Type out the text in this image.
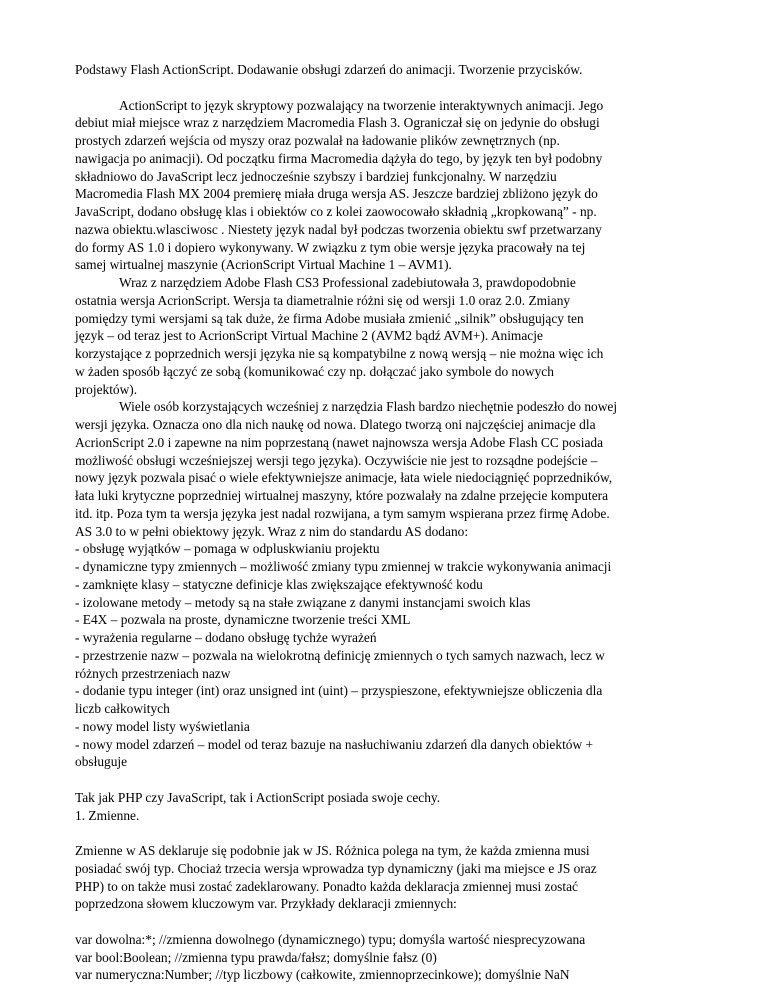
Podstawy Flash ActionScript. Dodawanie obsługi zdarzeń do animacji. Tworzenie przycisków.
ActionScript to język skryptowy pozwalający na tworzenie interaktywnych animacji. Jego
debiut miał miejsce wraz z narzędziem Macromedia Flash 3. Ograniczał się on jedynie do obsługi
prostych zdarzeń wejścia od myszy oraz pozwalał na ładowanie plików zewnętrznych (np.
nawigacja po animacji). Od początku firma Macromedia dążyła do tego, by język ten był podobny
składniowo do JavaScript lecz jednocześnie szybszy i bardziej funkcjonalny. W narzędziu
Macromedia Flash MX 2004 premierę miała druga wersja AS. Jeszcze bardziej zbliżono język do
JavaScript, dodano obsługę klas i obiektów co z kolei zaowocowało składnią „kropkowaną” - np.
nazwa obiektu.wlasciwosc . Niestety język nadal był podczas tworzenia obiektu swf przetwarzany
do formy AS 1.0 i dopiero wykonywany. W związku z tym obie wersje języka pracowały na tej
samej wirtualnej maszynie (AcrionScript Virtual Machine 1 – AVM1).
Wraz z narzędziem Adobe Flash CS3 Professional zadebiutowała 3, prawdopodobnie
ostatnia wersja AcrionScript. Wersja ta diametralnie różni się od wersji 1.0 oraz 2.0. Zmiany
pomiędzy tymi wersjami są tak duże, że firma Adobe musiała zmienić „silnik” obsługujący ten
język – od teraz jest to AcrionScript Virtual Machine 2 (AVM2 bądź AVM+). Animacje
korzystające z poprzednich wersji języka nie są kompatybilne z nową wersją – nie można więc ich
w żaden sposób łączyć ze sobą (komunikować czy np. dołączać jako symbole do nowych
projektów).
Wiele osób korzystających wcześniej z narzędzia Flash bardzo niechętnie podeszło do nowej
wersji języka. Oznacza ono dla nich naukę od nowa. Dlatego tworzą oni najczęściej animacje dla
AcrionScript 2.0 i zapewne na nim poprzestaną (nawet najnowsza wersja Adobe Flash CC posiada
możliwość obsługi wcześniejszej wersji tego języka). Oczywiście nie jest to rozsądne podejście –
nowy język pozwala pisać o wiele efektywniejsze animacje, łata wiele niedociągnięć poprzedników,
łata luki krytyczne poprzedniej wirtualnej maszyny, które pozwalały na zdalne przejęcie komputera
itd. itp. Poza tym ta wersja języka jest nadal rozwijana, a tym samym wspierana przez firmę Adobe.
AS 3.0 to w pełni obiektowy język. Wraz z nim do standardu AS dodano:
- obsługę wyjątków – pomaga w odpluskwianiu projektu
- dynamiczne typy zmiennych – możliwość zmiany typu zmiennej w trakcie wykonywania animacji
- zamknięte klasy – statyczne definicje klas zwiększające efektywność kodu
- izolowane metody – metody są na stałe związane z danymi instancjami swoich klas
- E4X – pozwala na proste, dynamiczne tworzenie treści XML
- wyrażenia regularne – dodano obsługę tychże wyrażeń
- przestrzenie nazw – pozwala na wielokrotną definicję zmiennych o tych samych nazwach, lecz w
różnych przestrzeniach nazw
- dodanie typu integer (int) oraz unsigned int (uint) – przyspieszone, efektywniejsze obliczenia dla
liczb całkowitych
- nowy model listy wyświetlania
- nowy model zdarzeń – model od teraz bazuje na nasłuchiwaniu zdarzeń dla danych obiektów +
obsługuje
Tak jak PHP czy JavaScript, tak i ActionScript posiada swoje cechy.
1. Zmienne.
Zmienne w AS deklaruje się podobnie jak w JS. Różnica polega na tym, że każda zmienna musi
posiadać swój typ. Chociaż trzecia wersja wprowadza typ dynamiczny (jaki ma miejsce e JS oraz
PHP) to on także musi zostać zadeklarowany. Ponadto każda deklaracja zmiennej musi zostać
poprzedzona słowem kluczowym var. Przykłady deklaracji zmiennych:
var dowolna:*; //zmienna dowolnego (dynamicznego) typu; domyśla wartość niesprecyzowana
var bool:Boolean; //zmienna typu prawda/fałsz; domyślnie fałsz (0)
var numeryczna:Number; //typ liczbowy (całkowite, zmiennoprzecinkowe); domyślnie NaN
